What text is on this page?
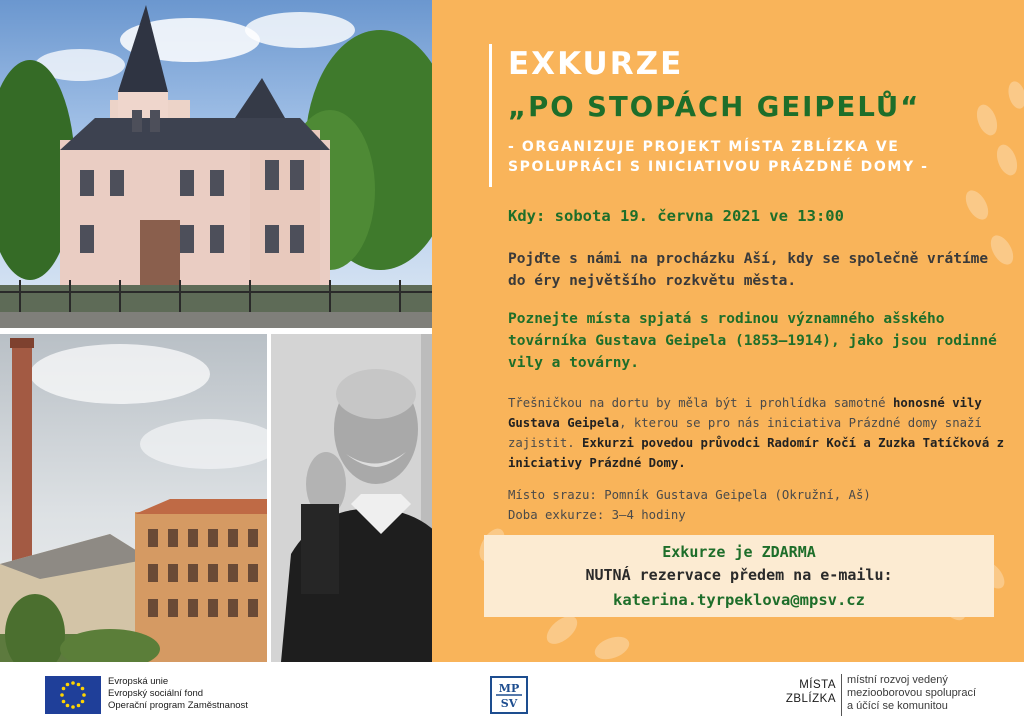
EXKURZE
„PO STOPÁCH GEIPELŮ“

- ORGANIZUJE PROJEKT MÍSTA ZBLÍZKA VE SPOLUPRÁCI S INICIATIVOU PRÁZDNÉ DOMY -

Kdy: sobota 19. června 2021 ve 13:00

Pojďte s námi na procházku Aší, kdy se společně vrátíme do éry největšího rozkvětu města.

Poznejte místa spjatá s rodinou významného ašského továrníka Gustava Geipela (1853–1914), jako jsou rodinné vily a továrny.

Třešničkou na dortu by měla být i prohlídka samotné honosné vily Gustava Geipela, kterou se pro nás iniciativa Prázdné domy snaží zajistit. Exkurzi povedou průvodci Radomír Kočí a Zuzka Tatíčková z iniciativy Prázdné Domy.

Místo srazu: Pomník Gustava Geipela (Okružní, Aš)
Doba exkurze: 3–4 hodiny

Exkurze je ZDARMA
NUTNÁ rezervace předem na e-mailu:
katerina.tyrpeklova@mpsv.cz
Evropská unie
Evropský sociální fond
Operační program Zaměstnanost
MP
SV
MÍSTA
ZBLÍZKA
místní rozvoj vedený
meziooborovou spoluprací
a účící se komunitou
